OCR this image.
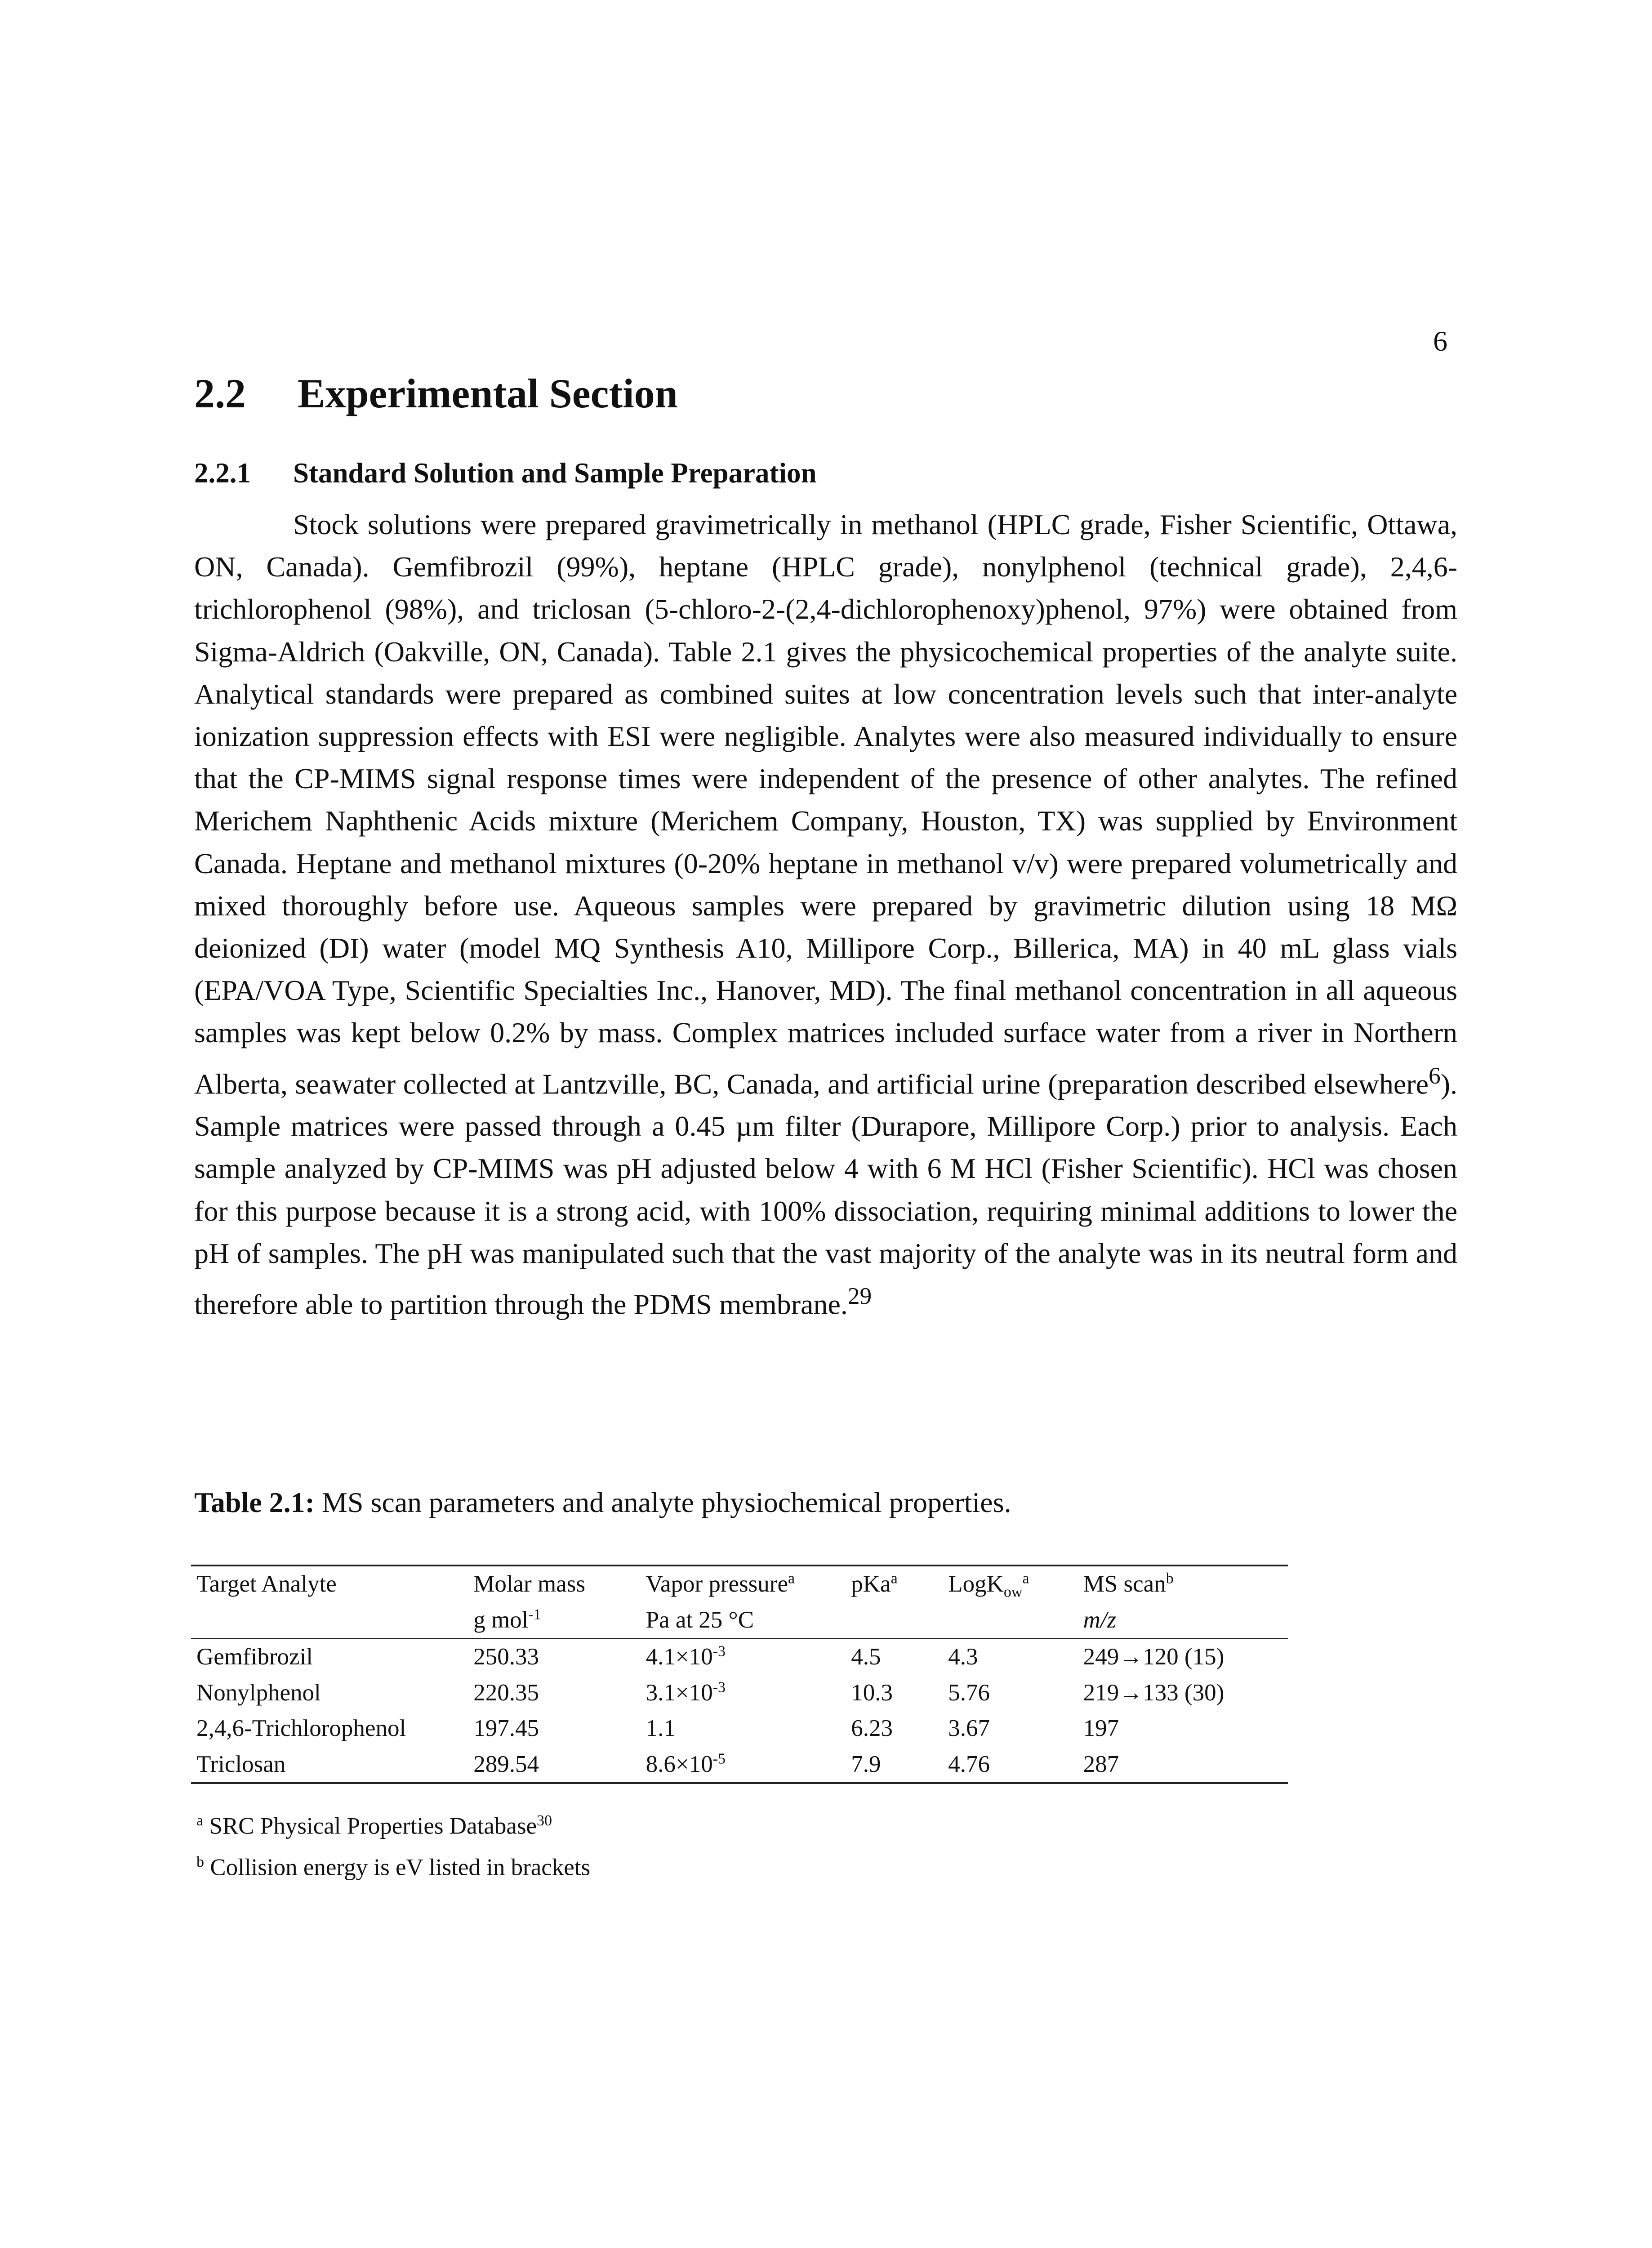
6
2.2 Experimental Section
2.2.1 Standard Solution and Sample Preparation

Stock solutions were prepared gravimetrically in methanol (HPLC grade, Fisher Scientific, Ottawa, ON, Canada). Gemfibrozil (99%), heptane (HPLC grade), nonylphenol (technical grade), 2,4,6-trichlorophenol (98%), and triclosan (5-chloro-2-(2,4-dichlorophenoxy)phenol, 97%) were obtained from Sigma-Aldrich (Oakville, ON, Canada). Table 2.1 gives the physicochemical properties of the analyte suite. Analytical standards were prepared as combined suites at low concentration levels such that inter-analyte ionization suppression effects with ESI were negligible. Analytes were also measured individually to ensure that the CP-MIMS signal response times were independent of the presence of other analytes. The refined Merichem Naphthenic Acids mixture (Merichem Company, Houston, TX) was supplied by Environment Canada. Heptane and methanol mixtures (0-20% heptane in methanol v/v) were prepared volumetrically and mixed thoroughly before use. Aqueous samples were prepared by gravimetric dilution using 18 MΩ deionized (DI) water (model MQ Synthesis A10, Millipore Corp., Billerica, MA) in 40 mL glass vials (EPA/VOA Type, Scientific Specialties Inc., Hanover, MD). The final methanol concentration in all aqueous samples was kept below 0.2% by mass. Complex matrices included surface water from a river in Northern Alberta, seawater collected at Lantzville, BC, Canada, and artificial urine (preparation described elsewhere$^6$). Sample matrices were passed through a 0.45 µm filter (Durapore, Millipore Corp.) prior to analysis. Each sample analyzed by CP-MIMS was pH adjusted below 4 with 6 M HCl (Fisher Scientific). HCl was chosen for this purpose because it is a strong acid, with 100% dissociation, requiring minimal additions to lower the pH of samples. The pH was manipulated such that the vast majority of the analyte was in its neutral form and therefore able to partition through the PDMS membrane.$^{29}$

Table 2.1: MS scan parameters and analyte physiochemical properties.

Target Analyte	Molar mass	Vapor pressure$^a$	pKa$^a$	LogK$_{ow}^a$	MS scan$^b$
	g mol$^{-1}$	Pa at 25 °C			m/z
Gemfibrozil	250.33	$4.1\times 10^{-3}$	4.5	4.3	249→120 (15)
Nonylphenol	220.35	$3.1\times 10^{-3}$	10.3	5.76	219→133 (30)
2,4,6-Trichlorophenol	197.45	1.1	6.23	3.67	197
Triclosan	289.54	$8.6\times 10^{-5}$	7.9	4.76	287
$^a$ SRC Physical Properties Database$^{30}$
$^b$ Collision energy is eV listed in brackets
